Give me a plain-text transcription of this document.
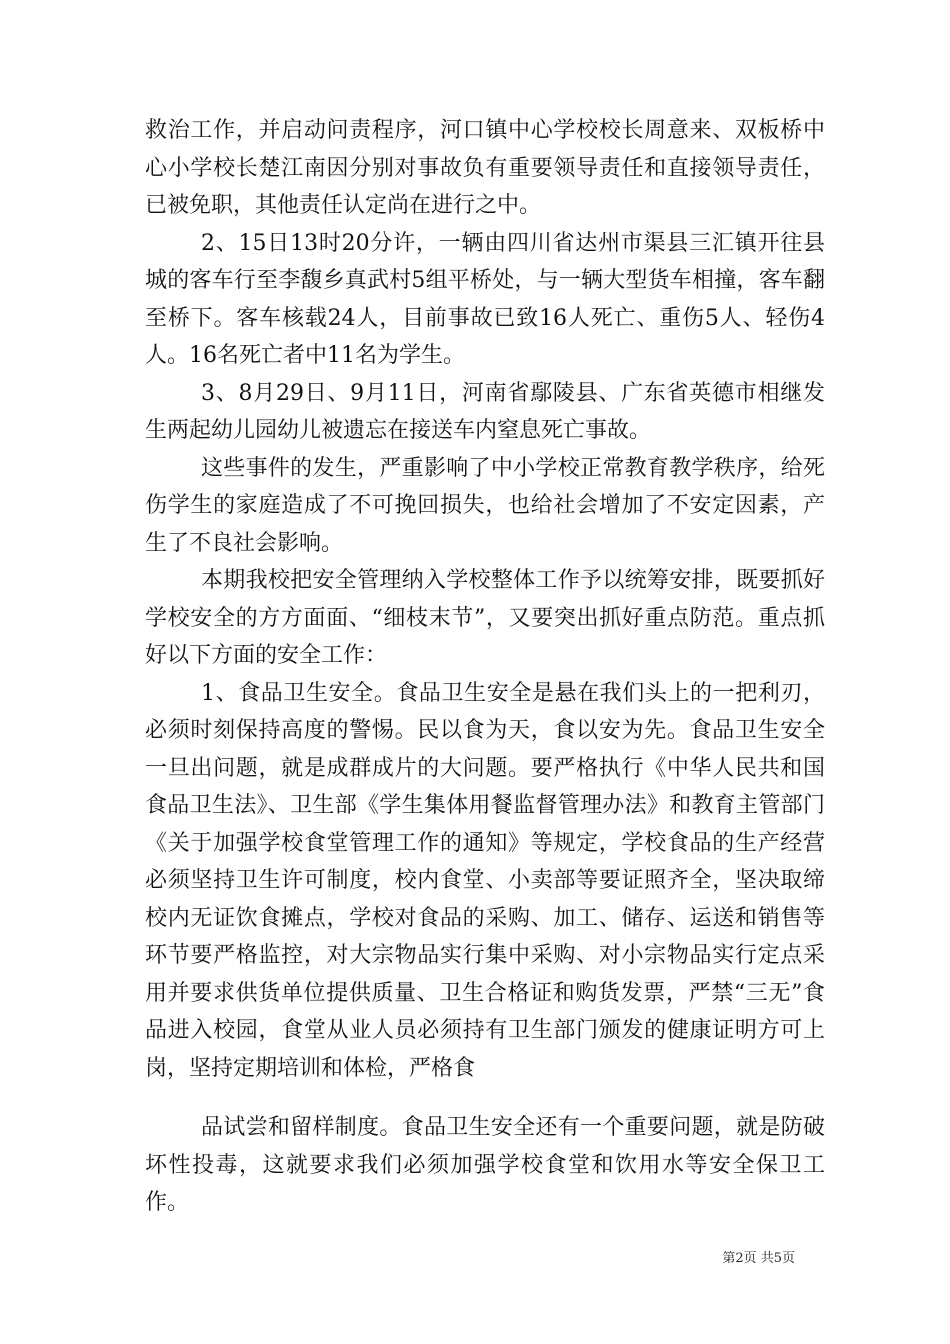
救治工作，并启动问责程序，河口镇中心学校校长周意来、双板桥中心小学校长楚江南因分别对事故负有重要领导责任和直接领导责任，已被免职，其他责任认定尚在进行之中。

2、15日13时20分许，一辆由四川省达州市渠县三汇镇开往县城的客车行至李馥乡真武村5组平桥处，与一辆大型货车相撞，客车翻至桥下。客车核载24人，目前事故已致16人死亡、重伤5人、轻伤4人。16名死亡者中11名为学生。

3、8月29日、9月11日，河南省鄢陵县、广东省英德市相继发生两起幼儿园幼儿被遗忘在接送车内窒息死亡事故。

这些事件的发生，严重影响了中小学校正常教育教学秩序，给死伤学生的家庭造成了不可挽回损失，也给社会增加了不安定因素，产生了不良社会影响。

本期我校把安全管理纳入学校整体工作予以统筹安排，既要抓好学校安全的方方面面、“细枝末节”，又要突出抓好重点防范。重点抓好以下方面的安全工作：

1、食品卫生安全。食品卫生安全是悬在我们头上的一把利刃，必须时刻保持高度的警惕。民以食为天，食以安为先。食品卫生安全一旦出问题，就是成群成片的大问题。要严格执行《中华人民共和国食品卫生法》、卫生部《学生集体用餐监督管理办法》和教育主管部门《关于加强学校食堂管理工作的通知》等规定，学校食品的生产经营必须坚持卫生许可制度，校内食堂、小卖部等要证照齐全，坚决取缔校内无证饮食摊点，学校对食品的采购、加工、储存、运送和销售等环节要严格监控，对大宗物品实行集中采购、对小宗物品实行定点采用并要求供货单位提供质量、卫生合格证和购货发票，严禁“三无”食品进入校园，食堂从业人员必须持有卫生部门颁发的健康证明方可上岗，坚持定期培训和体检，严格食

品试尝和留样制度。食品卫生安全还有一个重要问题，就是防破坏性投毒，这就要求我们必须加强学校食堂和饮用水等安全保卫工作。

第2页 共5页
